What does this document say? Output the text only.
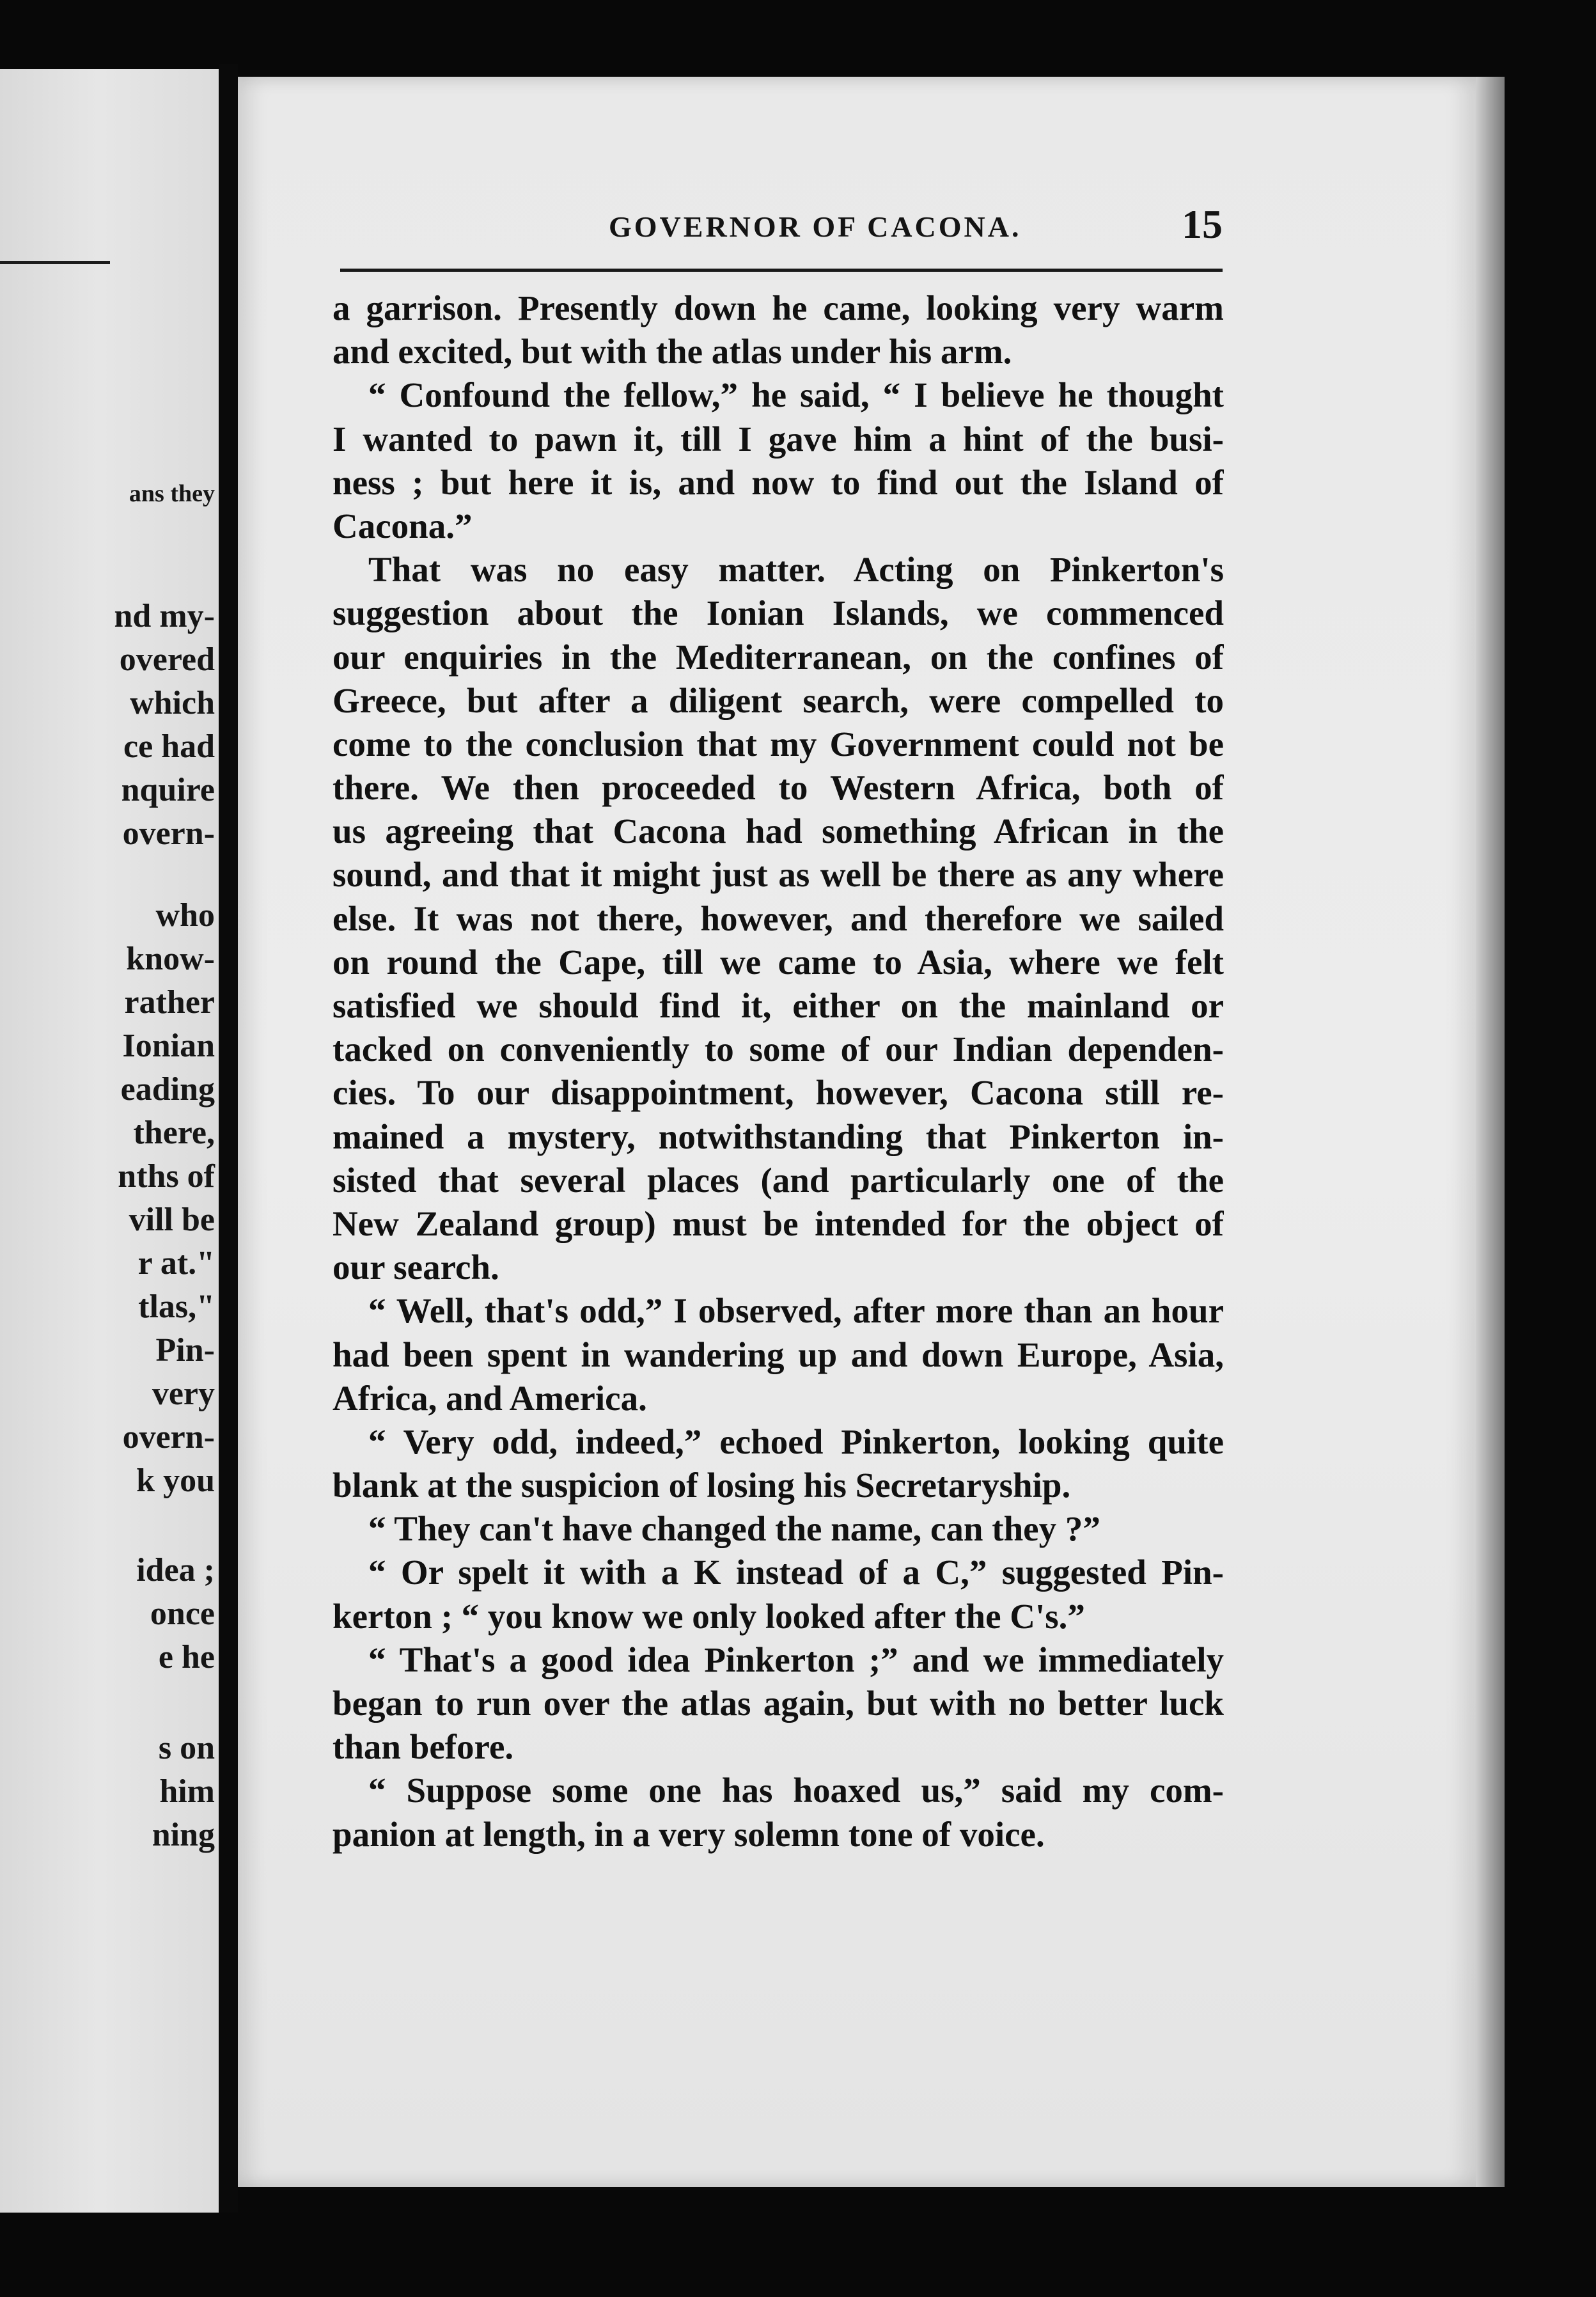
ans they
nd my-
overed
which
ce had
nquire
overn-
who
know-
rather
Ionian
eading
there,
nths of
vill be
r at."
tlas,"
Pin-
very
overn-
k you
idea ;
once
e he
s on
him
ning
GOVERNOR OF CACONA.	15
a garrison. Presently down he came, looking very warm
and excited, but with the atlas under his arm.
“ Confound the fellow,” he said, “ I believe he thought
I wanted to pawn it, till I gave him a hint of the busi-
ness ; but here it is, and now to find out the Island of
Cacona.”
That was no easy matter. Acting on Pinkerton's
suggestion about the Ionian Islands, we commenced
our enquiries in the Mediterranean, on the confines of
Greece, but after a diligent search, were compelled to
come to the conclusion that my Government could not be
there. We then proceeded to Western Africa, both of
us agreeing that Cacona had something African in the
sound, and that it might just as well be there as any where
else. It was not there, however, and therefore we sailed
on round the Cape, till we came to Asia, where we felt
satisfied we should find it, either on the mainland or
tacked on conveniently to some of our Indian dependen-
cies. To our disappointment, however, Cacona still re-
mained a mystery, notwithstanding that Pinkerton in-
sisted that several places (and particularly one of the
New Zealand group) must be intended for the object of
our search.
“ Well, that's odd,” I observed, after more than an hour
had been spent in wandering up and down Europe, Asia,
Africa, and America.
“ Very odd, indeed,” echoed Pinkerton, looking quite
blank at the suspicion of losing his Secretaryship.
“ They can't have changed the name, can they ?”
“ Or spelt it with a K instead of a C,” suggested Pin-
kerton ; “ you know we only looked after the C's.”
“ That's a good idea Pinkerton ;” and we immediately
began to run over the atlas again, but with no better luck
than before.
“ Suppose some one has hoaxed us,” said my com-
panion at length, in a very solemn tone of voice.
